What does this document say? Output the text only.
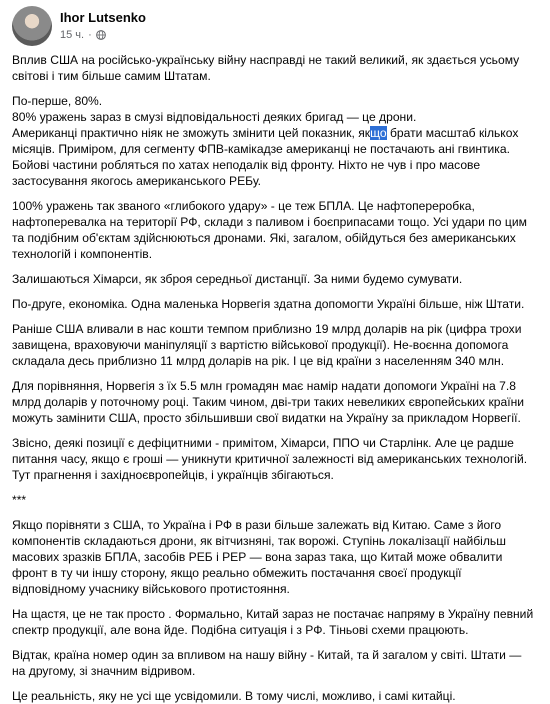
Ihor Lutsenko
15 ч. ·

Вплив США на російсько-українську війну насправді не такий великий, як здається усьому світові і тим більше самим Штатам.

По-перше, 80%.
80% уражень зараз в смузі відповідальності деяких бригад — це дрони.
Американці практично ніяк не зможуть змінити цей показник, якщо брати масштаб кількох місяців. Приміром, для сегменту ФПВ-камікадзе американці не постачають ані гвинтика. Бойові частини робляться по хатах неподалік від фронту. Ніхто не чув і про масове застосування якогось американського РЕБу.

100% уражень так званого «глибокого удару» - це теж БПЛА. Це нафтопереробка, нафтоперевалка на території РФ, склади з паливом і боєприпасами тощо. Усі удари по цим та подібним об'єктам здійснюються дронами. Які, загалом, обійдуться без американських технологій і компонентів.

Залишаються Хімарси, як зброя середньої дистанції. За ними будемо сумувати.

По-друге, економіка. Одна маленька Норвегія здатна допомогти Україні більше, ніж Штати.

Раніше США вливали в нас кошти темпом приблизно 19 млрд доларів на рік (цифра трохи завищена, враховуючи маніпуляції з вартістю військової продукції). Не-воєнна допомога складала десь приблизно 11 млрд доларів на рік. І це від країни з населенням 340 млн.

Для порівняння, Норвегія з їх 5.5 млн громадян має намір надати допомоги Україні на 7.8 млрд доларів у поточному році. Таким чином, дві-три таких невеликих європейських країни можуть замінити США, просто збільшивши свої видатки на Україну за прикладом Норвегії.

Звісно, деякі позиції є дефіцитними - примітом, Хімарси, ППО чи Старлінк. Але це радше питання часу, якщо є гроші — уникнути критичної залежності від американських технологій. Тут прагнення і західноєвропейців, і українців збігаються.

***

Якщо порівняти з США, то Україна і РФ в рази більше залежать від Китаю. Саме з його компонентів складаються дрони, як вітчизняні, так ворожі. Ступінь локалізації найбільш масових зразків БПЛА, засобів РЕБ і РЕР — вона зараз така, що Китай може обвалити фронт в ту чи іншу сторону, якщо реально обмежить постачання своєї продукції відповідному учаснику військового протистояння.

На щастя, це не так просто . Формально, Китай зараз не постачає напряму в Україну певний спектр продукції, але вона йде. Подібна ситуація і з РФ. Тіньові схеми працюють.

Відтак, країна номер один за впливом на нашу війну - Китай, та й загалом у світі. Штати — на другому, зі значним відривом.

Це реальність, яку не усі ще усвідомили. В тому числі, можливо, і самі китайці.
